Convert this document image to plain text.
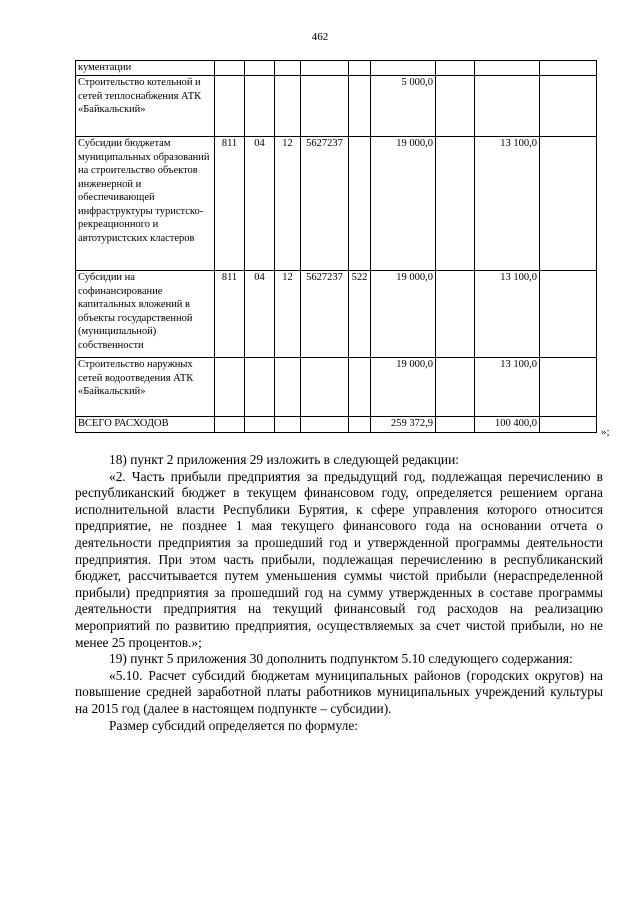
462
кументации									
Строительство котельной и сетей теплоснабжения АТК «Байкальский»						5 000,0			
Субсидии бюджетам муниципальных образований на строительство объектов инженерной и обеспечивающей инфраструктуры туристско-рекреационного и автотуристских кластеров	811	04	12	5627237		19 000,0		13 100,0	
Субсидии на софинансирование капитальных вложений в объекты государственной (муниципальной) собственности	811	04	12	5627237	522	19 000,0		13 100,0	
Строительство наружных сетей водоотведения АТК «Байкальский»						19 000,0		13 100,0	
ВСЕГО РАСХОДОВ						259 372,9		100 400,0	
»;

18) пункт 2 приложения 29 изложить в следующей редакции:

«2. Часть прибыли предприятия за предыдущий год, подлежащая перечислению в республиканский бюджет в текущем финансовом году, определяется решением органа исполнительной власти Республики Бурятия, к сфере управления которого относится предприятие, не позднее 1 мая текущего финансового года на основании отчета о деятельности предприятия за прошедший год и утвержденной программы деятельности предприятия. При этом часть прибыли, подлежащая перечислению в республиканский бюджет, рассчитывается путем уменьшения суммы чистой прибыли (нераспределенной прибыли) предприятия за прошедший год на сумму утвержденных в составе программы деятельности предприятия на текущий финансовый год расходов на реализацию мероприятий по развитию предприятия, осуществляемых за счет чистой прибыли, но не менее 25 процентов.»;

19) пункт 5 приложения 30 дополнить подпунктом 5.10 следующего содержания:

«5.10. Расчет субсидий бюджетам муниципальных районов (городских округов) на повышение средней заработной платы работников муниципальных учреждений культуры на 2015 год (далее в настоящем подпункте – субсидии).

Размер субсидий определяется по формуле:
